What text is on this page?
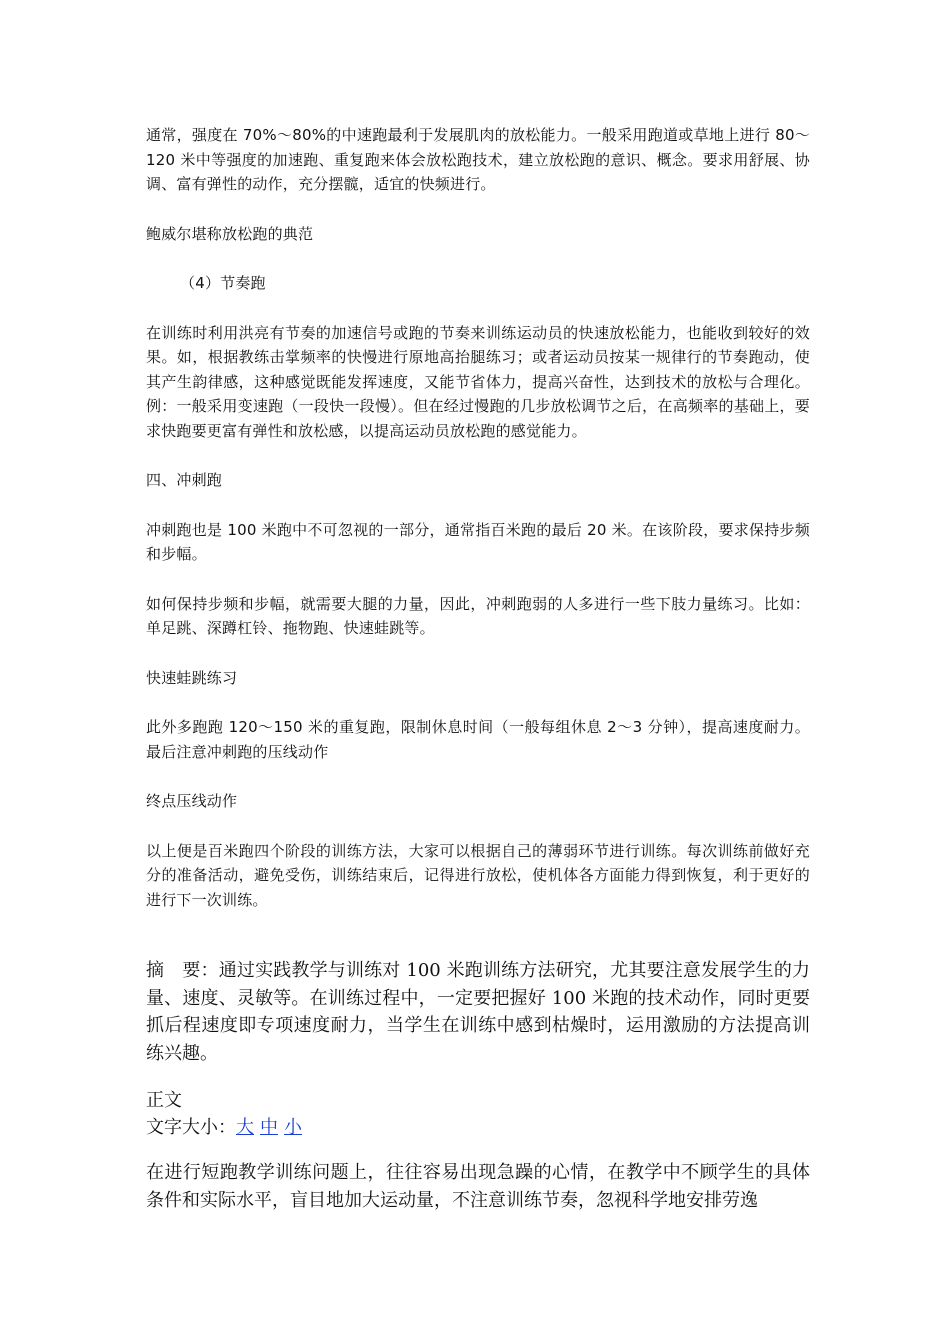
通常，强度在 70%～80%的中速跑最利于发展肌肉的放松能力。一般采用跑道或草地上进行 80～120 米中等强度的加速跑、重复跑来体会放松跑技术，建立放松跑的意识、概念。要求用舒展、协调、富有弹性的动作，充分摆髋，适宜的快频进行。

鲍威尔堪称放松跑的典范

（4）节奏跑

在训练时利用洪亮有节奏的加速信号或跑的节奏来训练运动员的快速放松能力，也能收到较好的效果。如，根据教练击掌频率的快慢进行原地高抬腿练习；或者运动员按某一规律行的节奏跑动，使其产生韵律感，这种感觉既能发挥速度，又能节省体力，提高兴奋性，达到技术的放松与合理化。例：一般采用变速跑（一段快一段慢）。但在经过慢跑的几步放松调节之后，在高频率的基础上，要求快跑要更富有弹性和放松感，以提高运动员放松跑的感觉能力。

四、冲刺跑

冲刺跑也是 100 米跑中不可忽视的一部分，通常指百米跑的最后 20 米。在该阶段，要求保持步频和步幅。

如何保持步频和步幅，就需要大腿的力量，因此，冲刺跑弱的人多进行一些下肢力量练习。比如：单足跳、深蹲杠铃、拖物跑、快速蛙跳等。

快速蛙跳练习

此外多跑跑 120～150 米的重复跑，限制休息时间（一般每组休息 2～3 分钟），提高速度耐力。最后注意冲刺跑的压线动作

终点压线动作

以上便是百米跑四个阶段的训练方法，大家可以根据自己的薄弱环节进行训练。每次训练前做好充分的准备活动，避免受伤，训练结束后，记得进行放松，使机体各方面能力得到恢复，利于更好的进行下一次训练。

摘　要：通过实践教学与训练对 100 米跑训练方法研究，尤其要注意发展学生的力量、速度、灵敏等。在训练过程中，一定要把握好 100 米跑的技术动作，同时更要抓后程速度即专项速度耐力，当学生在训练中感到枯燥时，运用激励的方法提高训练兴趣。
正文
文字大小：大 中 小
在进行短跑教学训练问题上，往往容易出现急躁的心情，在教学中不顾学生的具体条件和实际水平，盲目地加大运动量，不注意训练节奏，忽视科学地安排劳逸
